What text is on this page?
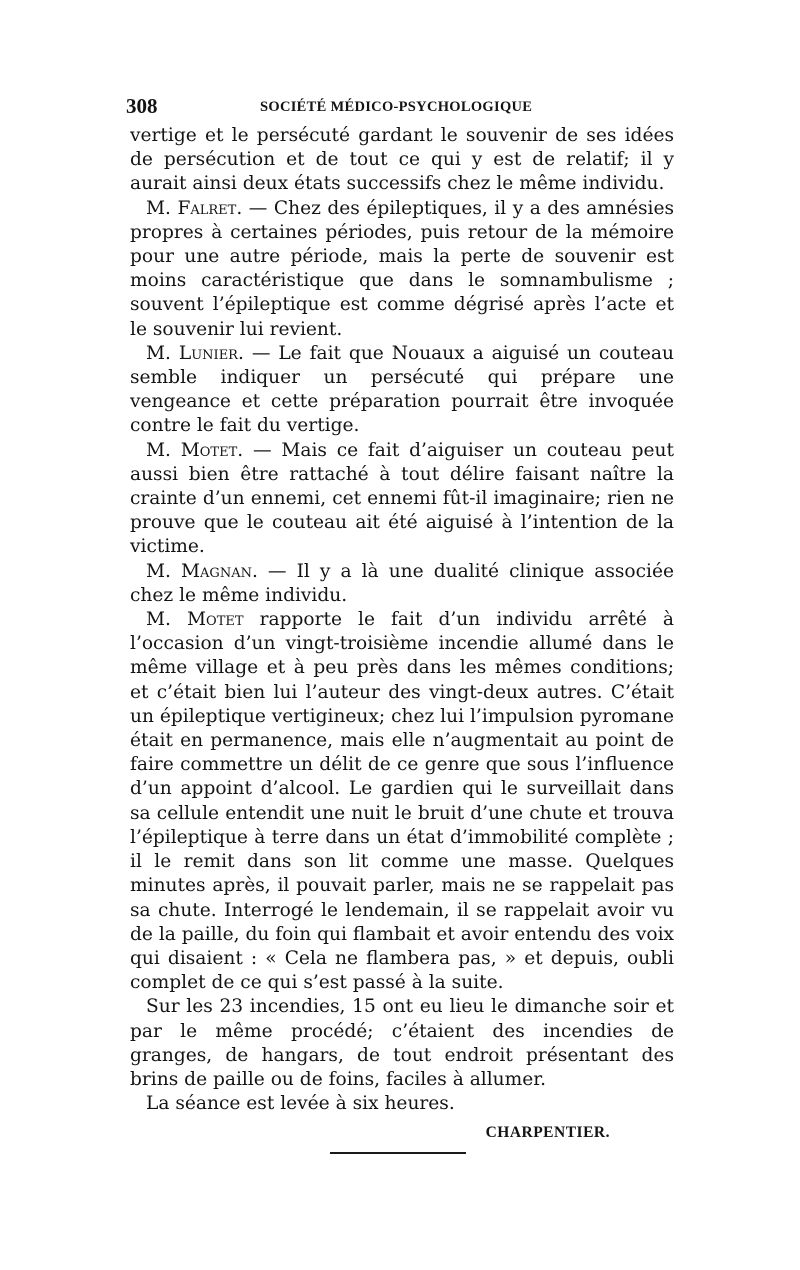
308	SOCIÉTÉ MÉDICO-PSYCHOLOGIQUE

vertige et le persécuté gardant le souvenir de ses idées de persécution et de tout ce qui y est de relatif; il y aurait ainsi deux états successifs chez le même individu.

M. Falret. — Chez des épileptiques, il y a des amnésies propres à certaines périodes, puis retour de la mémoire pour une autre période, mais la perte de souvenir est moins caractéristique que dans le somnambulisme ; souvent l’épileptique est comme dégrisé après l’acte et le souvenir lui revient.

M. Lunier. — Le fait que Nouaux a aiguisé un couteau semble indiquer un persécuté qui prépare une vengeance et cette préparation pourrait être invoquée contre le fait du vertige.

M. Motet. — Mais ce fait d’aiguiser un couteau peut aussi bien être rattaché à tout délire faisant naître la crainte d’un ennemi, cet ennemi fût-il imaginaire; rien ne prouve que le couteau ait été aiguisé à l’intention de la victime.

M. Magnan. — Il y a là une dualité clinique associée chez le même individu.

M. Motet rapporte le fait d’un individu arrêté à l’occasion d’un vingt-troisième incendie allumé dans le même village et à peu près dans les mêmes conditions; et c’était bien lui l’auteur des vingt-deux autres. C’était un épileptique vertigineux; chez lui l’impulsion pyromane était en permanence, mais elle n’augmentait au point de faire commettre un délit de ce genre que sous l’influence d’un appoint d’alcool. Le gardien qui le surveillait dans sa cellule entendit une nuit le bruit d’une chute et trouva l’épileptique à terre dans un état d’immobilité complète ; il le remit dans son lit comme une masse. Quelques minutes après, il pouvait parler, mais ne se rappelait pas sa chute. Interrogé le lendemain, il se rappelait avoir vu de la paille, du foin qui flambait et avoir entendu des voix qui disaient : « Cela ne flambera pas, » et depuis, oubli complet de ce qui s’est passé à la suite.

Sur les 23 incendies, 15 ont eu lieu le dimanche soir et par le même procédé; c’étaient des incendies de granges, de hangars, de tout endroit présentant des brins de paille ou de foins, faciles à allumer.

La séance est levée à six heures.

CHARPENTIER.
